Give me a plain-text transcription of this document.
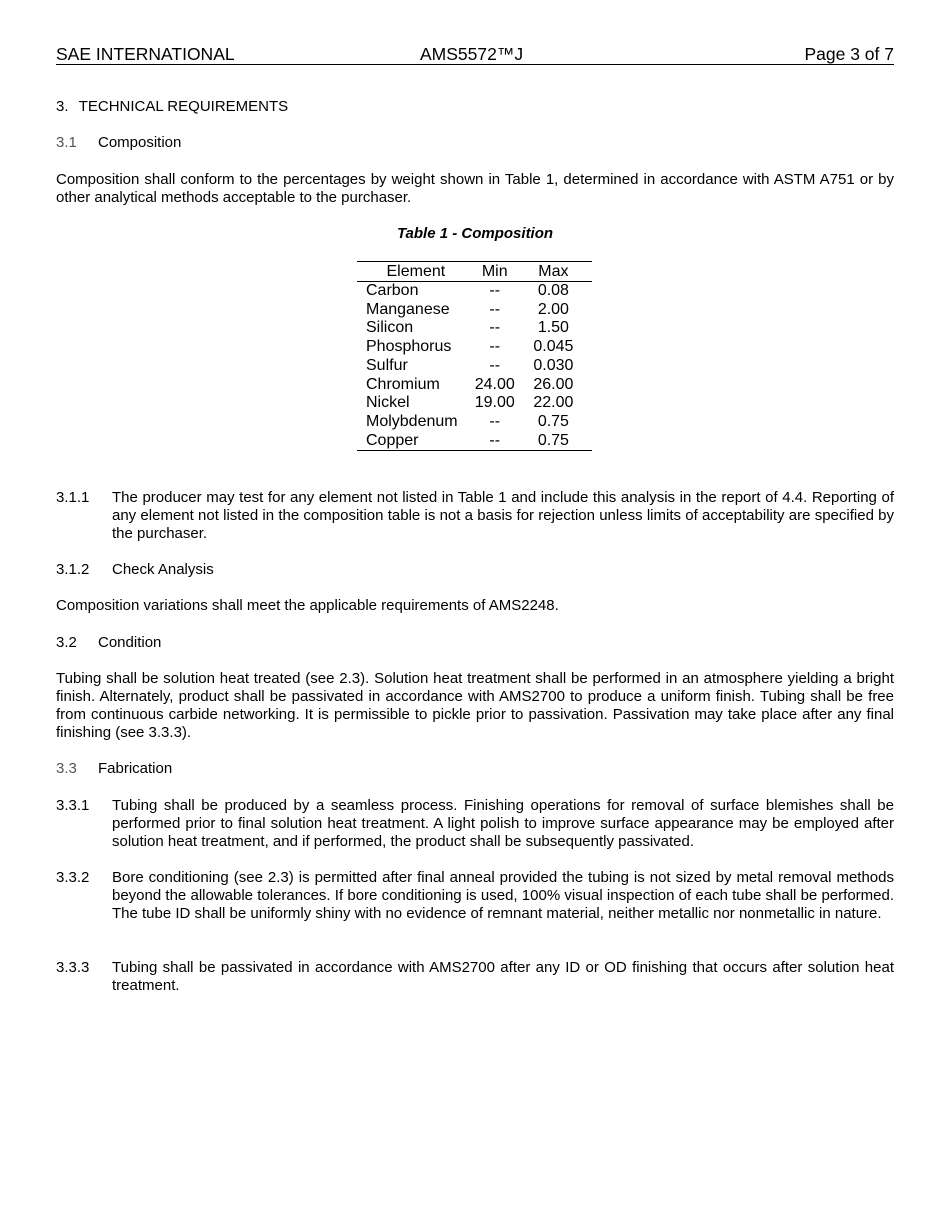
SAE INTERNATIONAL	AMS5572™J	Page 3 of 7
3. TECHNICAL REQUIREMENTS
3.1 Composition
Composition shall conform to the percentages by weight shown in Table 1, determined in accordance with ASTM A751 or by other analytical methods acceptable to the purchaser.
Table 1 - Composition
Element	Min	Max
Carbon	--	0.08
Manganese	--	2.00
Silicon	--	1.50
Phosphorus	--	0.045
Sulfur	--	0.030
Chromium	24.00	26.00
Nickel	19.00	22.00
Molybdenum	--	0.75
Copper	--	0.75
3.1.1 The producer may test for any element not listed in Table 1 and include this analysis in the report of 4.4. Reporting of any element not listed in the composition table is not a basis for rejection unless limits of acceptability are specified by the purchaser.
3.1.2 Check Analysis
Composition variations shall meet the applicable requirements of AMS2248.
3.2 Condition
Tubing shall be solution heat treated (see 2.3). Solution heat treatment shall be performed in an atmosphere yielding a bright finish. Alternately, product shall be passivated in accordance with AMS2700 to produce a uniform finish. Tubing shall be free from continuous carbide networking. It is permissible to pickle prior to passivation. Passivation may take place after any final finishing (see 3.3.3).
3.3 Fabrication
3.3.1 Tubing shall be produced by a seamless process. Finishing operations for removal of surface blemishes shall be performed prior to final solution heat treatment. A light polish to improve surface appearance may be employed after solution heat treatment, and if performed, the product shall be subsequently passivated.
3.3.2 Bore conditioning (see 2.3) is permitted after final anneal provided the tubing is not sized by metal removal methods beyond the allowable tolerances. If bore conditioning is used, 100% visual inspection of each tube shall be performed. The tube ID shall be uniformly shiny with no evidence of remnant material, neither metallic nor nonmetallic in nature.
3.3.3 Tubing shall be passivated in accordance with AMS2700 after any ID or OD finishing that occurs after solution heat treatment.
